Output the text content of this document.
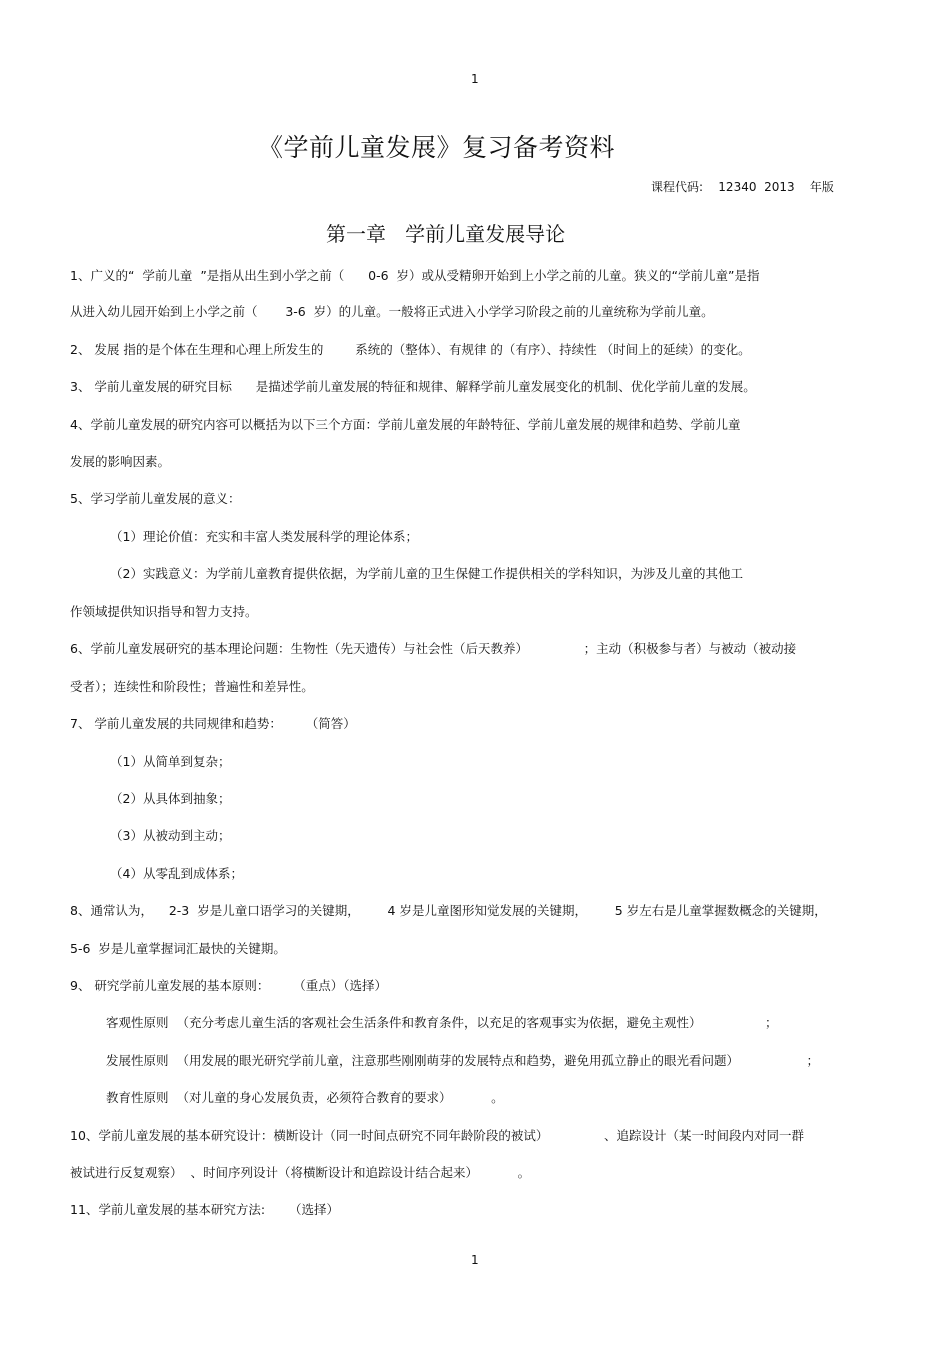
1
《学前儿童发展》复习备考资料
课程代码:    12340  2013    年版
第一章   学前儿童发展导论
1、广义的“  学前儿童  ”是指从出生到小学之前（      0-6  岁）或从受精卵开始到上小学之前的儿童。狭义的“学前儿童”是指
从进入幼儿园开始到上小学之前（       3-6  岁）的儿童。一般将正式进入小学学习阶段之前的儿童统称为学前儿童。
2、 发展 指的是个体在生理和心理上所发生的        系统的（整体）、有规律 的（有序）、持续性 （时间上的延续）的变化。
3、 学前儿童发展的研究目标      是描述学前儿童发展的特征和规律、解释学前儿童发展变化的机制、优化学前儿童的发展。
4、学前儿童发展的研究内容可以概括为以下三个方面：学前儿童发展的年龄特征、学前儿童发展的规律和趋势、学前儿童
发展的影响因素。
5、学习学前儿童发展的意义：
（1）理论价值：充实和丰富人类发展科学的理论体系；
（2）实践意义：为学前儿童教育提供依据，为学前儿童的卫生保健工作提供相关的学科知识，为涉及儿童的其他工
作领域提供知识指导和智力支持。
6、学前儿童发展研究的基本理论问题：生物性（先天遗传）与社会性（后天教养）              ；主动（积极参与者）与被动（被动接
受者）；连续性和阶段性；普遍性和差异性。
7、 学前儿童发展的共同规律和趋势：      （简答）
（1）从简单到复杂；
（2）从具体到抽象；
（3）从被动到主动；
（4）从零乱到成体系；
8、通常认为，    2-3  岁是儿童口语学习的关键期，       4 岁是儿童图形知觉发展的关键期，       5 岁左右是儿童掌握数概念的关键期，
5-6  岁是儿童掌握词汇最快的关键期。
9、 研究学前儿童发展的基本原则：      （重点）（选择）
客观性原则  （充分考虑儿童生活的客观社会生活条件和教育条件，以充足的客观事实为依据，避免主观性）                ；
发展性原则  （用发展的眼光研究学前儿童，注意那些刚刚萌芽的发展特点和趋势，避免用孤立静止的眼光看问题）                 ；
教育性原则  （对儿童的身心发展负责，必须符合教育的要求）          。
10、学前儿童发展的基本研究设计：横断设计（同一时间点研究不同年龄阶段的被试）              、追踪设计（某一时间段内对同一群
被试进行反复观察）  、时间序列设计（将横断设计和追踪设计结合起来）          。
11、学前儿童发展的基本研究方法:      （选择）
1
